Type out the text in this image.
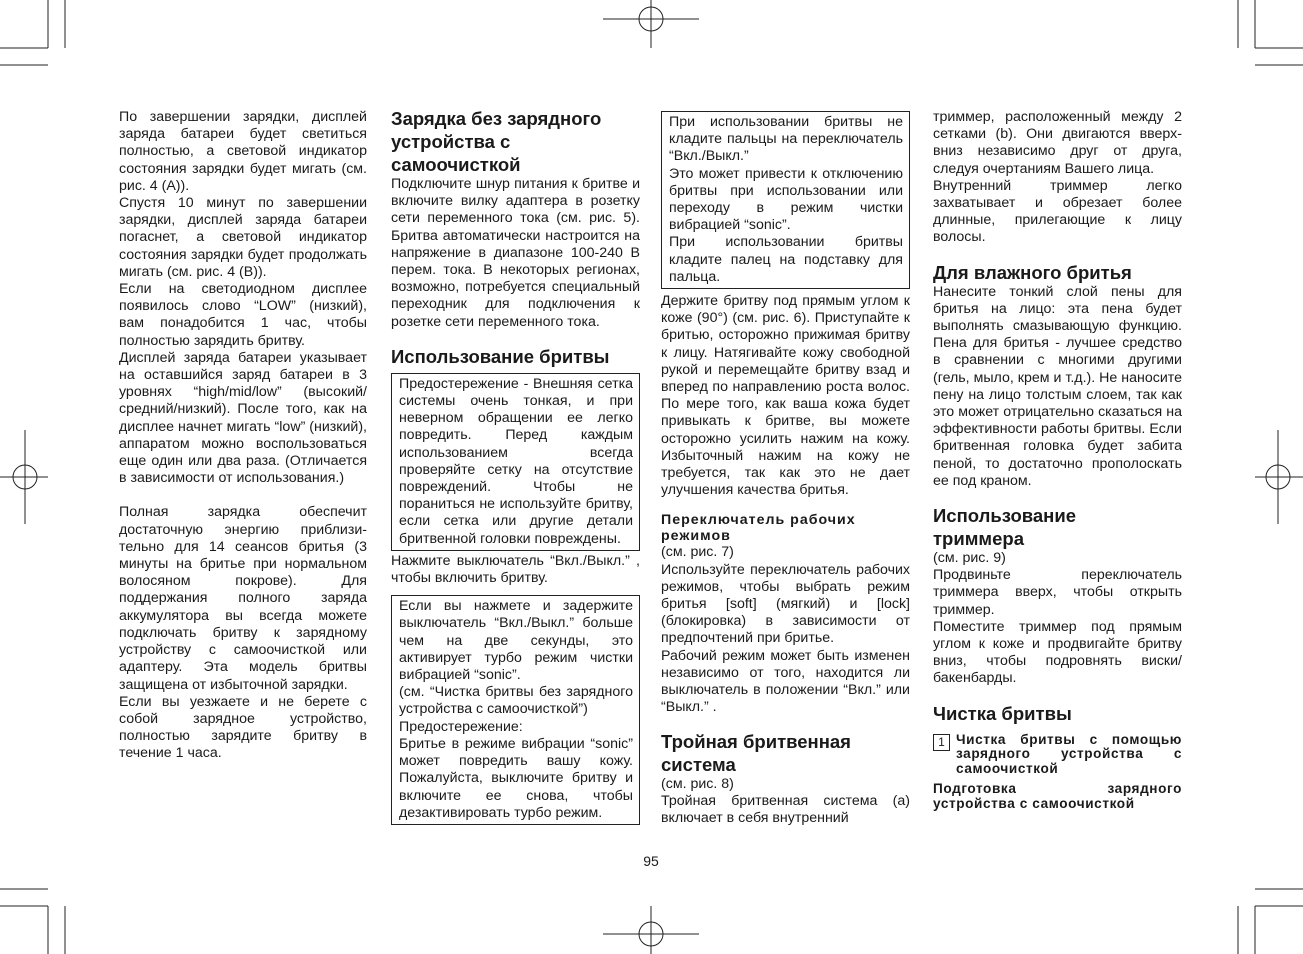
По завершении зарядки, дисплей заряда батареи будет светиться полностью, а световой индикатор состояния зарядки будет мигать (см. рис. 4 (A)).

Спустя 10 минут по завершении зарядки, дисплей заряда батареи погаснет, а световой индикатор состояния зарядки будет продолжать мигать (см. рис. 4 (B)).

Если на светодиодном дисплее появилось слово “LOW” (низкий), вам понадобится 1 час, чтобы полностью зарядить бритву.

Дисплей заряда батареи указывает на оставшийся заряд батареи в 3 уровнях “high/mid/low” (высокий/средний/низкий). После того, как на дисплее начнет мигать “low” (низкий), аппаратом можно воспользоваться еще один или два раза. (Отличается в зависимости от использования.)

Полная зарядка обеспечит достаточную энергию приблизи-тельно для 14 сеансов бритья (3 минуты на бритье при нормальном волосяном покрове). Для поддержания полного заряда аккумулятора вы всегда можете подключать бритву к зарядному устройству с самоочисткой или адаптеру. Эта модель бритвы защищена от избыточной зарядки.

Если вы уезжаете и не берете с собой зарядное устройство, полностью зарядите бритву в течение 1 часа.

Зарядка без зарядного устройства с самоочисткой

Подключите шнур питания к бритве и включите вилку адаптера в розетку сети переменного тока (см. рис. 5). Бритва автоматически настроится на напряжение в диапазоне 100-240 В перем. тока. В некоторых регионах, возможно, потребуется специальный переходник для подключения к розетке сети переменного тока.

Использование бритвы

Предостережение - Внешняя сетка системы очень тонкая, и при неверном обращении ее легко повредить. Перед каждым использованием всегда проверяйте сетку на отсутствие повреждений. Чтобы не пораниться не используйте бритву, если сетка или другие детали бритвенной головки повреждены.

Нажмите выключатель “Вкл./Выкл.” , чтобы включить бритву.

Если вы нажмете и задержите выключатель “Вкл./Выкл.” больше чем на две секунды, это активирует турбо режим чистки вибрацией “sonic”.

(см. “Чистка бритвы без зарядного устройства с самоочисткой”)

Предостережение:

Бритье в режиме вибрации “sonic” может повредить вашу кожу. Пожалуйста, выключите бритву и включите ее снова, чтобы дезактивировать турбо режим.

95

При использовании бритвы не кладите пальцы на переключатель “Вкл./Выкл.”

Это может привести к отключению бритвы при использовании или переходу в режим чистки вибрацией “sonic”.

При использовании бритвы кладите палец на подставку для пальца.

Держите бритву под прямым углом к коже (90°) (см. рис. 6). Приступайте к бритью, осторожно прижимая бритву к лицу. Натягивайте кожу свободной рукой и перемещайте бритву взад и вперед по направлению роста волос. По мере того, как ваша кожа будет привыкать к бритве, вы можете осторожно усилить нажим на кожу. Избыточный нажим на кожу не требуется, так как это не дает улучшения качества бритья.

Переключатель рабочих режимов

(см. рис. 7)

Используйте переключатель рабочих режимов, чтобы выбрать режим бритья [soft] (мягкий) и [lock] (блокировка) в зависимости от предпочтений при бритье.

Рабочий режим может быть изменен независимо от того, находится ли выключатель в положении “Вкл.” или “Выкл.” .

Тройная бритвенная система

(см. рис. 8)

Тройная бритвенная система (a) включает в себя внутренний

триммер, расположенный между 2 сетками (b). Они двигаются вверх-вниз независимо друг от друга, следуя очертаниям Вашего лица.

Внутренний триммер легко захватывает и обрезает более длинные, прилегающие к лицу волосы.

Для влажного бритья

Нанесите тонкий слой пены для бритья на лицо: эта пена будет выполнять смазывающую функцию. Пена для бритья - лучшее средство в сравнении с многими другими (гель, мыло, крем и т.д.). Не наносите пену на лицо толстым слоем, так как это может отрицательно сказаться на эффективности работы бритвы. Если бритвенная головка будет забита пеной, то достаточно прополоскать ее под краном.

Использование триммера

(см. рис. 9)

Продвиньте переключатель триммера вверх, чтобы открыть триммер.

Поместите триммер под прямым углом к коже и продвигайте бритву вниз, чтобы подровнять виски/бакенбарды.

Чистка бритвы
1 Чистка бритвы с помощью зарядного устройства с самоочисткой

Подготовка зарядного устройства с самоочисткой
